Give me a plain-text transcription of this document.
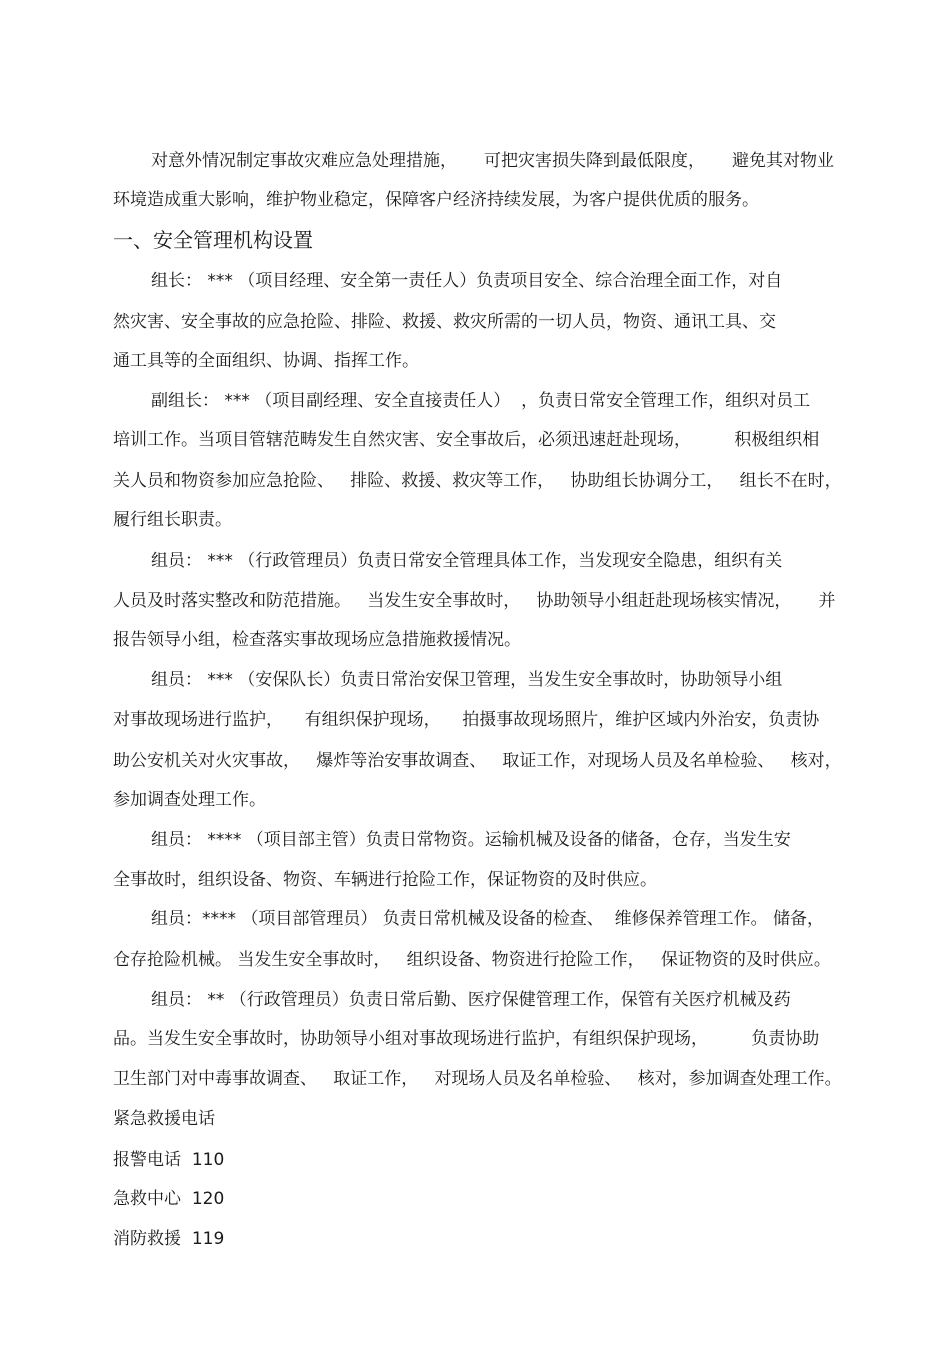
对意外情况制定事故灾难应急处理措施，     可把灾害损失降到最低限度，     避免其对物业

环境造成重大影响，维护物业稳定，保障客户经济持续发展，为客户提供优质的服务。

一、安全管理机构设置

组长： *** （项目经理、安全第一责任人）负责项目安全、综合治理全面工作，对自

然灾害、安全事故的应急抢险、排险、救援、救灾所需的一切人员，物资、通讯工具、交

通工具等的全面组织、协调、指挥工作。

副组长： *** （项目副经理、安全直接责任人）  ，负责日常安全管理工作，组织对员工

培训工作。当项目管辖范畴发生自然灾害、安全事故后，必须迅速赶赴现场，        积极组织相

关人员和物资参加应急抢险、   排险、救援、救灾等工作，   协助组长协调分工，   组长不在时，

履行组长职责。

组员： *** （行政管理员）负责日常安全管理具体工作，当发现安全隐患，组织有关

人员及时落实整改和防范措施。   当发生安全事故时，   协助领导小组赶赴现场核实情况，     并

报告领导小组，检查落实事故现场应急措施救援情况。

组员： *** （安保队长）负责日常治安保卫管理，当发生安全事故时，协助领导小组

对事故现场进行监护，    有组织保护现场，    拍摄事故现场照片，维护区域内外治安，负责协

助公安机关对火灾事故，   爆炸等治安事故调查、   取证工作，对现场人员及名单检验、   核对，

参加调查处理工作。

组员： **** （项目部主管）负责日常物资。运输机械及设备的储备，仓存，当发生安

全事故时，组织设备、物资、车辆进行抢险工作，保证物资的及时供应。

组员：**** （项目部管理员） 负责日常机械及设备的检查、  维修保养管理工作。 储备，

仓存抢险机械。 当发生安全事故时，   组织设备、物资进行抢险工作，   保证物资的及时供应。

组员： ** （行政管理员）负责日常后勤、医疗保健管理工作，保管有关医疗机械及药

品。当发生安全事故时，协助领导小组对事故现场进行监护，有组织保护现场，        负责协助

卫生部门对中毒事故调查、   取证工作，   对现场人员及名单检验、   核对，参加调查处理工作。

紧急救援电话

报警电话 110

急救中心 120

消防救援 119
